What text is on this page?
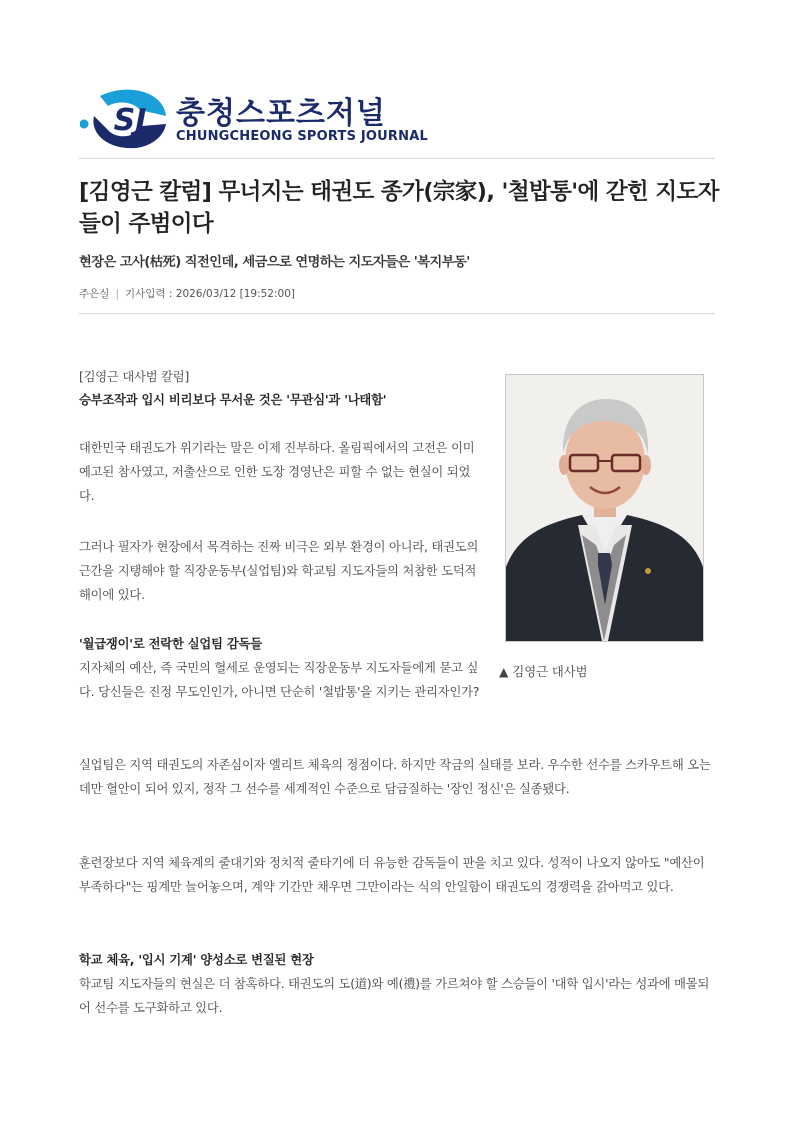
SJ 충청스포츠저널
CHUNGCHEONG SPORTS JOURNAL
[김영근 칼럼] 무너지는 태권도 종가(宗家), '철밥통'에 갇힌 지도자들이 주범이다

현장은 고사(枯死) 직전인데, 세금으로 연명하는 지도자들은 '복지부동'

주은실 | 기사입력 : 2026/03/12 [19:52:00]

[김영근 대사범 칼럼]

승부조작과 입시 비리보다 무서운 것은 '무관심'과 '나태함'

대한민국 태권도가 위기라는 말은 이제 진부하다. 올림픽에서의 고전은 이미 예고된 참사였고, 저출산으로 인한 도장 경영난은 피할 수 없는 현실이 되었다.

그러나 필자가 현장에서 목격하는 진짜 비극은 외부 환경이 아니라, 태권도의 근간을 지탱해야 할 직장운동부(실업팀)와 학교팀 지도자들의 처참한 도덕적 해이에 있다.

'월급쟁이'로 전락한 실업팀 감독들

지자체의 예산, 즉 국민의 혈세로 운영되는 직장운동부 지도자들에게 묻고 싶다. 당신들은 진정 무도인인가, 아니면 단순히 '철밥통'을 지키는 관리자인가?

실업팀은 지역 태권도의 자존심이자 엘리트 체육의 정점이다. 하지만 작금의 실태를 보라. 우수한 선수를 스카우트해 오는 데만 혈안이 되어 있지, 정작 그 선수를 세계적인 수준으로 담금질하는 '장인 정신'은 실종됐다.

훈련장보다 지역 체육계의 줄대기와 정치적 줄타기에 더 유능한 감독들이 판을 치고 있다. 성적이 나오지 않아도 "예산이 부족하다"는 핑계만 늘어놓으며, 계약 기간만 채우면 그만이라는 식의 안일함이 태권도의 경쟁력을 갉아먹고 있다.

학교 체육, '입시 기계' 양성소로 변질된 현장

학교팀 지도자들의 현실은 더 참혹하다. 태권도의 도(道)와 예(禮)를 가르쳐야 할 스승들이 '대학 입시'라는 성과에 매몰되어 선수를 도구화하고 있다.

▲ 김영근 대사범
